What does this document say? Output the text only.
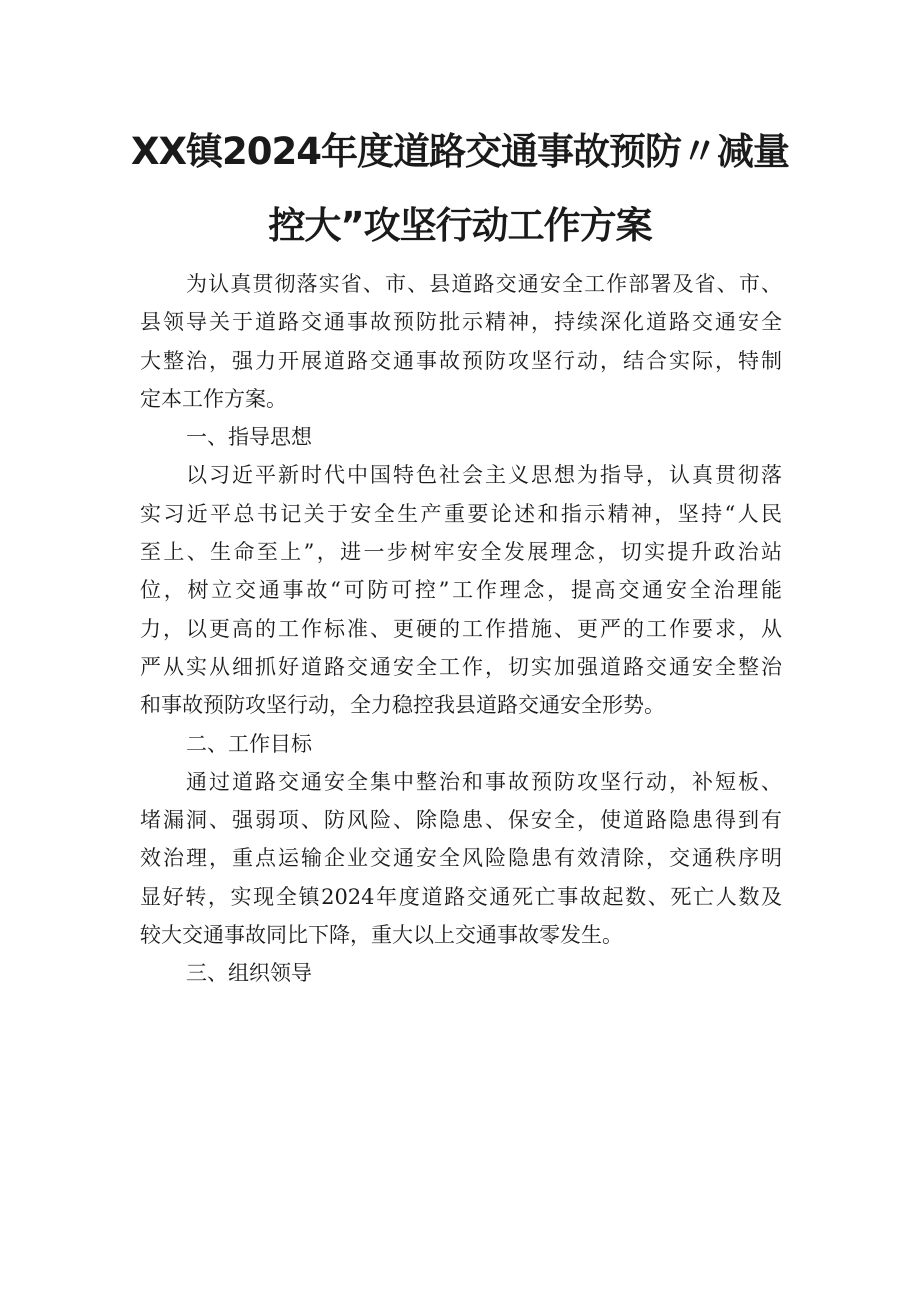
XX镇2024年度道路交通事故预防〃减量
控大”攻坚行动工作方案
为认真贯彻落实省、市、县道路交通安全工作部署及省、市、
县领导关于道路交通事故预防批示精神，持续深化道路交通安全
大整治，强力开展道路交通事故预防攻坚行动，结合实际，特制
定本工作方案。
一、指导思想
以习近平新时代中国特色社会主义思想为指导，认真贯彻落
实习近平总书记关于安全生产重要论述和指示精神，坚持“人民
至上、生命至上”，进一步树牢安全发展理念，切实提升政治站
位，树立交通事故“可防可控”工作理念，提高交通安全治理能
力，以更高的工作标准、更硬的工作措施、更严的工作要求，从
严从实从细抓好道路交通安全工作，切实加强道路交通安全整治
和事故预防攻坚行动，全力稳控我县道路交通安全形势。
二、工作目标
通过道路交通安全集中整治和事故预防攻坚行动，补短板、
堵漏洞、强弱项、防风险、除隐患、保安全，使道路隐患得到有
效治理，重点运输企业交通安全风险隐患有效清除，交通秩序明
显好转，实现全镇2024年度道路交通死亡事故起数、死亡人数及
较大交通事故同比下降，重大以上交通事故零发生。
三、组织领导
